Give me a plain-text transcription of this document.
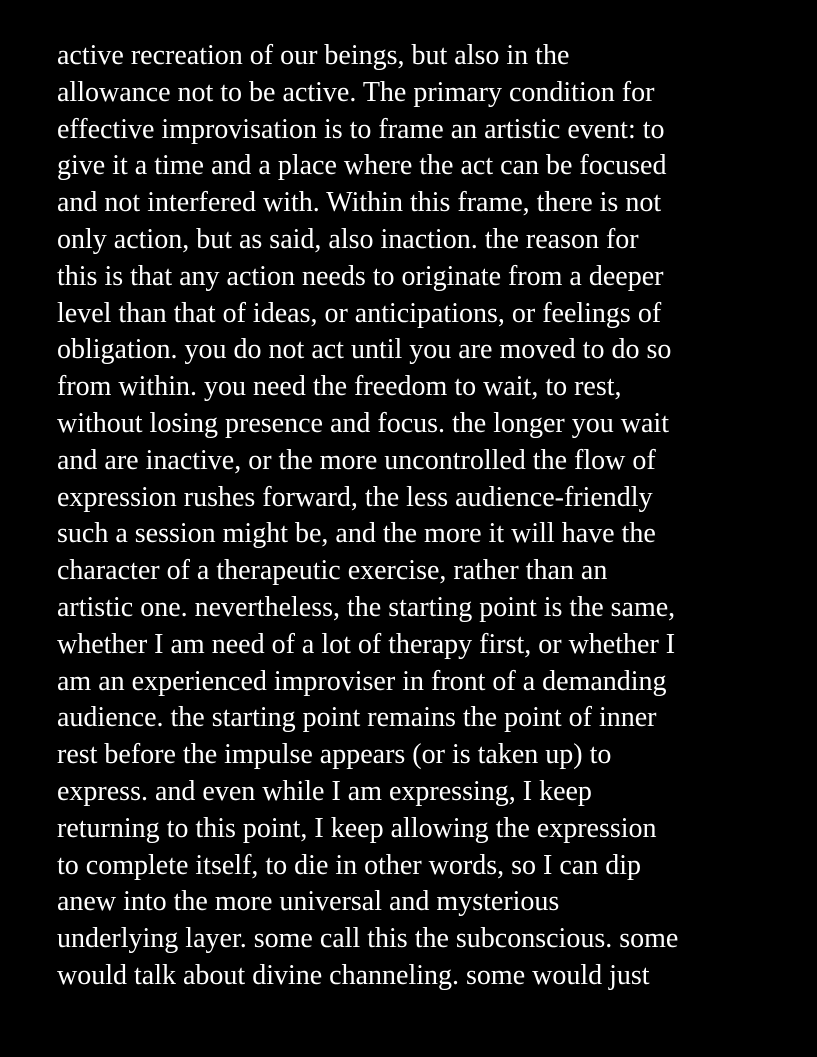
active recreation of our beings, but also in the
allowance not to be active. The primary condition for
effective improvisation is to frame an artistic event: to
give it a time and a place where the act can be focused
and not interfered with. Within this frame, there is not
only action, but as said, also inaction. the reason for
this is that any action needs to originate from a deeper
level than that of ideas, or anticipations, or feelings of
obligation. you do not act until you are moved to do so
from within. you need the freedom to wait, to rest,
without losing presence and focus. the longer you wait
and are inactive, or the more uncontrolled the flow of
expression rushes forward, the less audience-friendly
such a session might be, and the more it will have the
character of a therapeutic exercise, rather than an
artistic one. nevertheless, the starting point is the same,
whether I am need of a lot of therapy first, or whether I
am an experienced improviser in front of a demanding
audience. the starting point remains the point of inner
rest before the impulse appears (or is taken up) to
express. and even while I am expressing, I keep
returning to this point, I keep allowing the expression
to complete itself, to die in other words, so I can dip
anew into the more universal and mysterious
underlying layer. some call this the subconscious. some
would talk about divine channeling. some would just
